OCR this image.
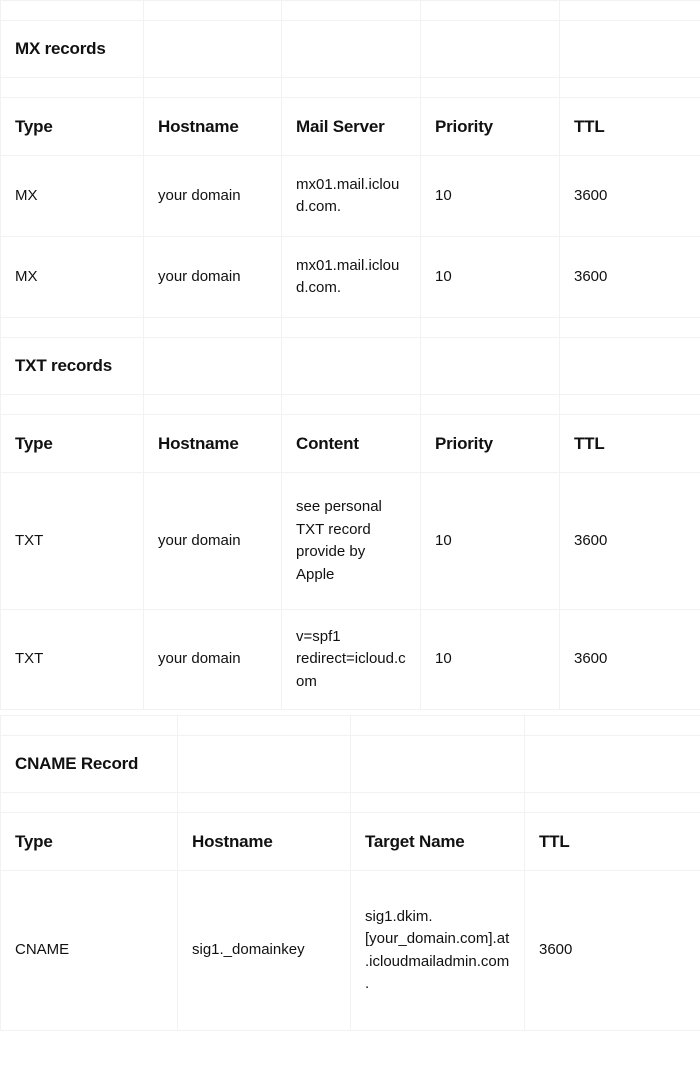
MX records				

Type	Hostname	Mail Server	Priority	TTL
MX	your domain	mx01.mail.icloud.com.	10	3600
MX	your domain	mx01.mail.icloud.com.	10	3600

TXT records				

Type	Hostname	Content	Priority	TTL
TXT	your domain	see personal TXT record provide by Apple	10	3600
TXT	your domain	v=spf1 redirect=icloud.com	10	3600

CNAME Record			

Type	Hostname	Target Name	TTL
CNAME	sig1._domainkey	sig1.dkim.[your_domain.com].at.icloudmailadmin.com.	3600
